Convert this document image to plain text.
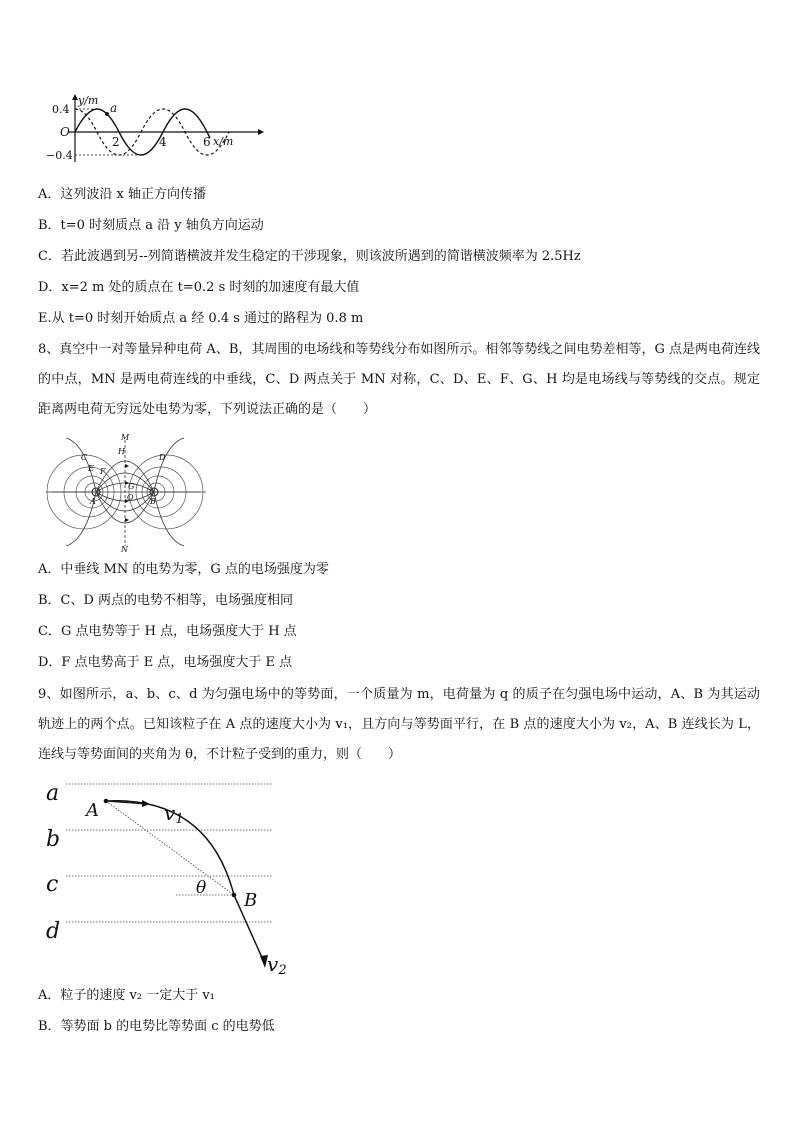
a
y/m
0.4
O
−0.4
2	4	6 x/m
A．这列波沿 x 轴正方向传播
B．t=0 时刻质点 a 沿 y 轴负方向运动
C．若此波遇到另--列简谐横波并发生稳定的干涉现象，则该波所遇到的简谐横波频率为 2.5Hz
D．x=2 m 处的质点在 t=0.2 s 时刻的加速度有最大值
E.从 t=0 时刻开始质点 a 经 0.4 s 通过的路程为 0.8 m
8、真空中一对等量异种电荷 A、B，其周围的电场线和等势线分布如图所示。相邻等势线之间电势差相等，G 点是两电荷连线的中点，MN 是两电荷连线的中垂线，C、D 两点关于 MN 对称，C、D、E、F、G、H 均是电场线与等势线的交点。规定距离两电荷无穷远处电势为零，下列说法正确的是（　　）
M
N
C	D
E F
G
H
A	B
O
A．中垂线 MN 的电势为零，G 点的电场强度为零
B．C、D 两点的电势不相等，电场强度相同
C．G 点电势等于 H 点，电场强度大于 H 点
D．F 点电势高于 E 点，电场强度大于 E 点
9、如图所示，a、b、c、d 为匀强电场中的等势面，一个质量为 m，电荷量为 q 的质子在匀强电场中运动，A、B 为其运动轨迹上的两个点。已知该粒子在 A 点的速度大小为 v₁，且方向与等势面平行，在 B 点的速度大小为 v₂，A、B 连线长为 L，连线与等势面间的夹角为 θ，不计粒子受到的重力，则（　　）
a
b
c
d
A
B
θ
v1
v2
A．粒子的速度 v₂ 一定大于 v₁
B．等势面 b 的电势比等势面 c 的电势低
